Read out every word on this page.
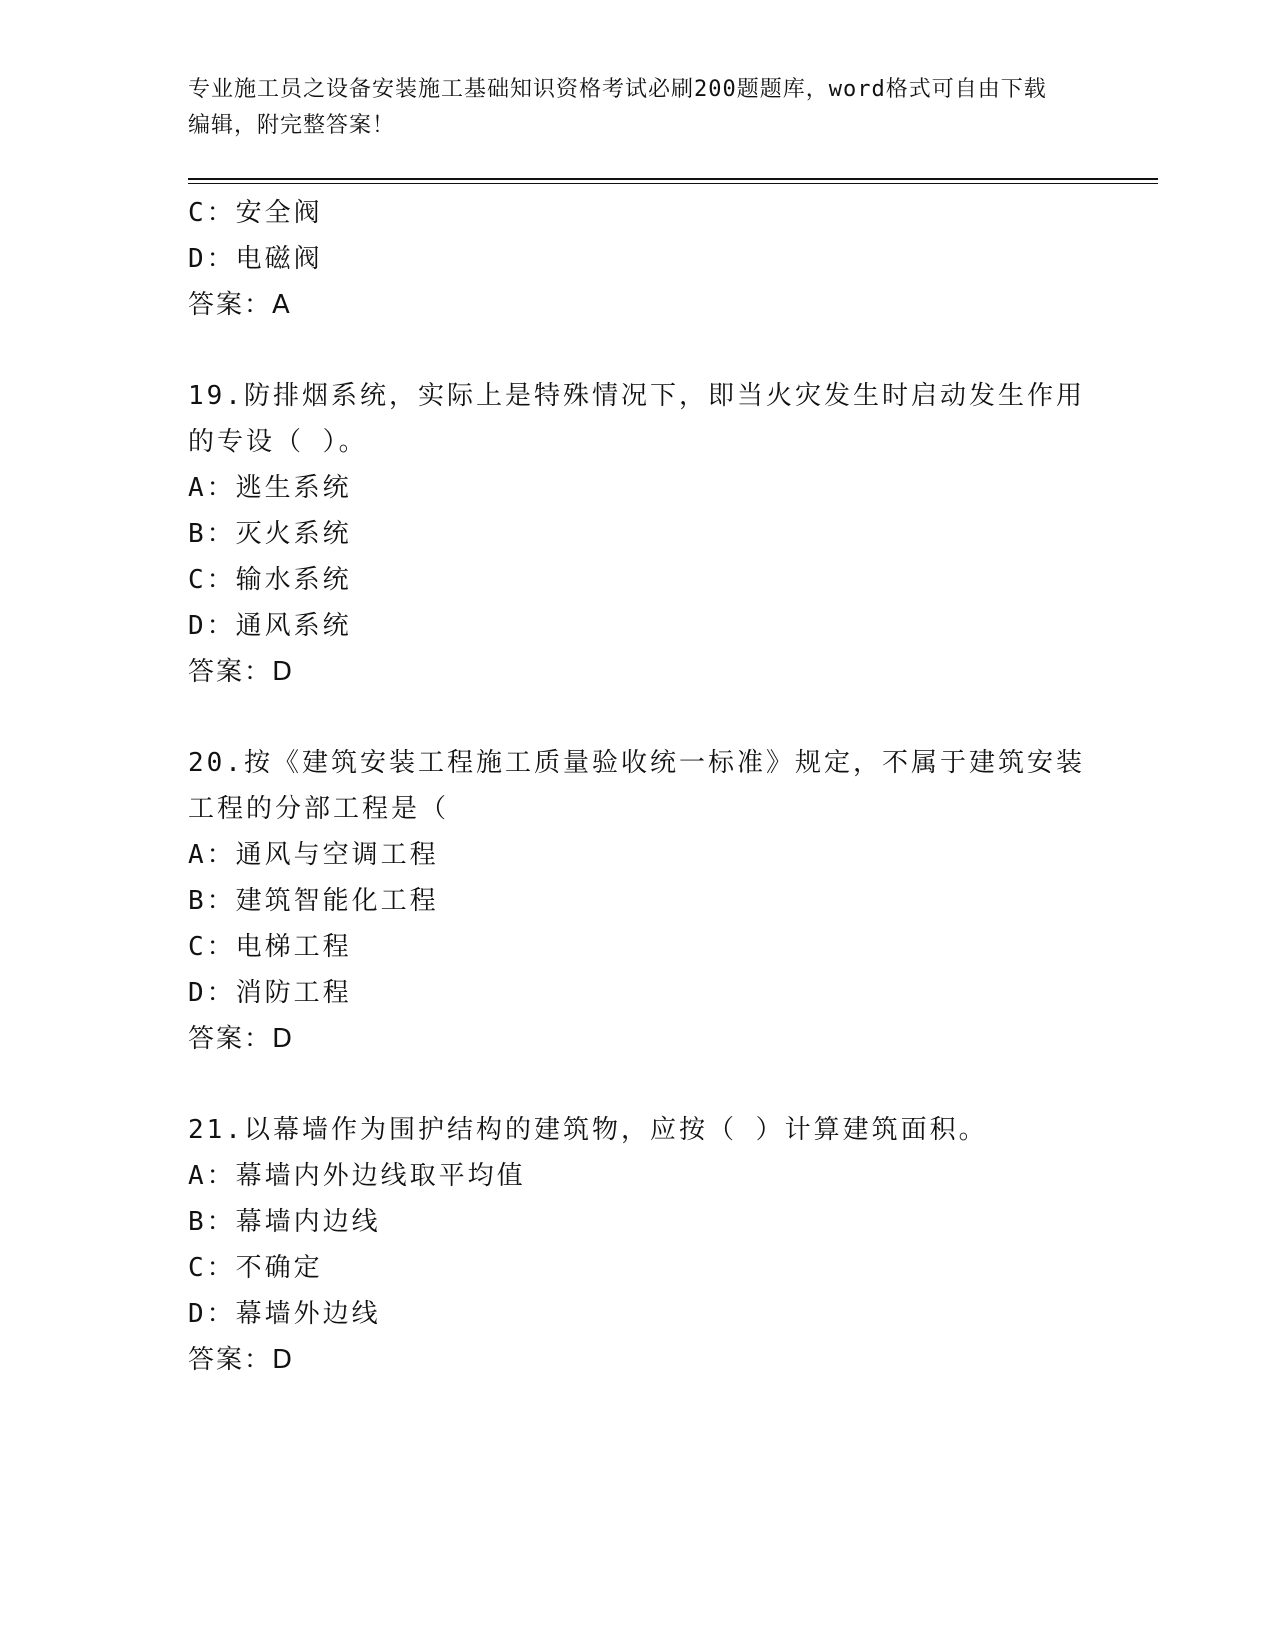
专业施工员之设备安装施工基础知识资格考试必刷200题题库，word格式可自由下载编辑，附完整答案！
C：安全阀
D：电磁阀
答案：A
19.防排烟系统，实际上是特殊情况下，即当火灾发生时启动发生作用
的专设（ ）。
A：逃生系统
B：灭火系统
C：输水系统
D：通风系统
答案：D
20.按《建筑安装工程施工质量验收统一标准》规定，不属于建筑安装
工程的分部工程是（
A：通风与空调工程
B：建筑智能化工程
C：电梯工程
D：消防工程
答案：D
21.以幕墙作为围护结构的建筑物，应按（ ）计算建筑面积。
A：幕墙内外边线取平均值
B：幕墙内边线
C：不确定
D：幕墙外边线
答案：D
